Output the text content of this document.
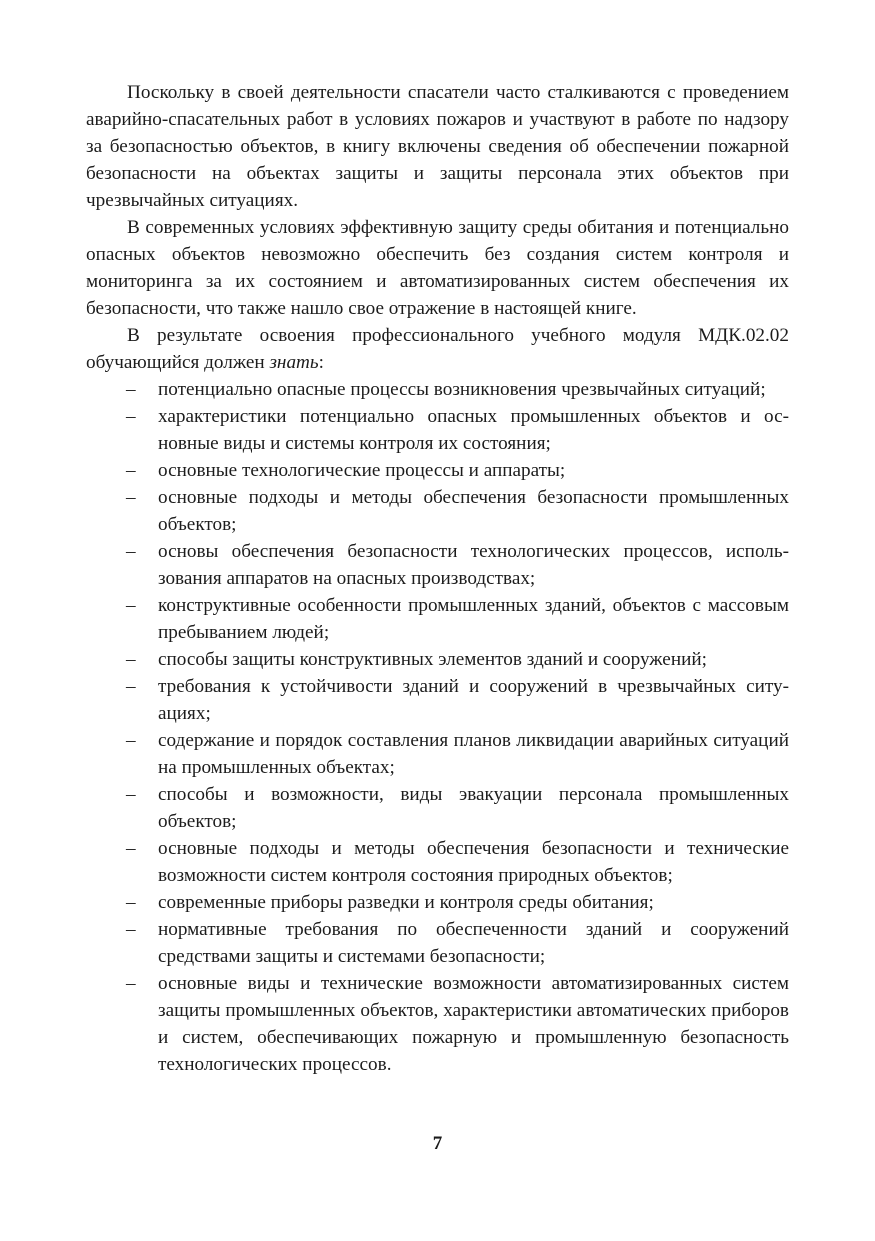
Поскольку в своей деятельности спасатели часто сталкиваются с проведением аварийно-спасательных работ в условиях пожаров и участвуют в работе по надзору за безопасностью объектов, в книгу включены сведения об обеспечении пожарной безопасности на объектах защиты и защиты персонала этих объектов при чрезвычайных ситуациях.

В современных условиях эффективную защиту среды обитания и потенциально опасных объектов невозможно обеспечить без создания систем контроля и мониторинга за их состоянием и автоматизированных систем обеспечения их безопасности, что также нашло свое отражение в настоящей книге.

В результате освоения профессионального учебного модуля МДК.02.02 обучающийся должен знать:

– потенциально опасные процессы возникновения чрезвычайных ситуаций;
– характеристики потенциально опасных промышленных объектов и основные виды и системы контроля их состояния;
– основные технологические процессы и аппараты;
– основные подходы и методы обеспечения безопасности промышленных объектов;
– основы обеспечения безопасности технологических процессов, использования аппаратов на опасных производствах;
– конструктивные особенности промышленных зданий, объектов с массовым пребыванием людей;
– способы защиты конструктивных элементов зданий и сооружений;
– требования к устойчивости зданий и сооружений в чрезвычайных ситуациях;
– содержание и порядок составления планов ликвидации аварийных ситуаций на промышленных объектах;
– способы и возможности, виды эвакуации персонала промышленных объектов;
– основные подходы и методы обеспечения безопасности и технические возможности систем контроля состояния природных объектов;
– современные приборы разведки и контроля среды обитания;
– нормативные требования по обеспеченности зданий и сооружений средствами защиты и системами безопасности;
– основные виды и технические возможности автоматизированных систем защиты промышленных объектов, характеристики автоматических приборов и систем, обеспечивающих пожарную и промышленную безопасность технологических процессов.
7
